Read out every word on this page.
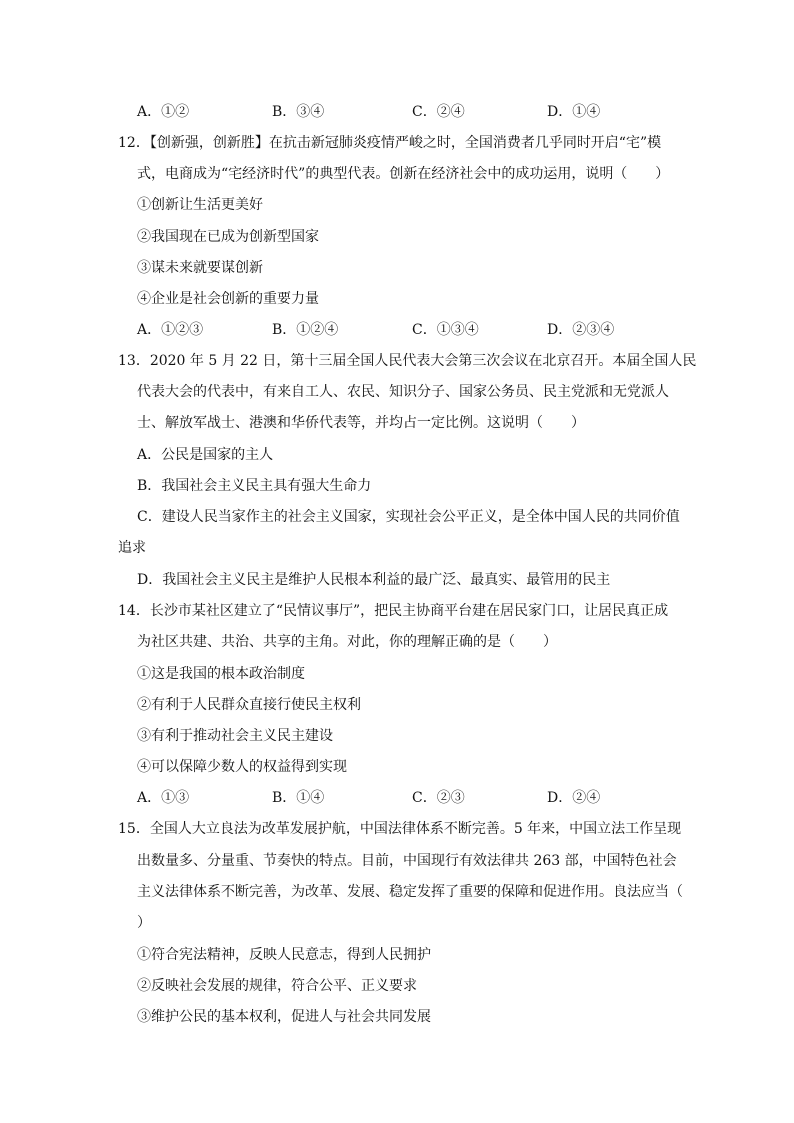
A．①②	B．③④	C．②④	D．①④
12．【创新强，创新胜】在抗击新冠肺炎疫情严峻之时，全国消费者几乎同时开启“宅”模
式，电商成为“宅经济时代”的典型代表。创新在经济社会中的成功运用，说明（　　）
①创新让生活更美好
②我国现在已成为创新型国家
③谋未来就要谋创新
④企业是社会创新的重要力量
A．①②③	B．①②④	C．①③④	D．②③④
13．2020 年 5 月 22 日，第十三届全国人民代表大会第三次会议在北京召开。本届全国人民
代表大会的代表中，有来自工人、农民、知识分子、国家公务员、民主党派和无党派人
士、解放军战士、港澳和华侨代表等，并均占一定比例。这说明（　　）
A．公民是国家的主人
B．我国社会主义民主具有强大生命力
C．建设人民当家作主的社会主义国家，实现社会公平正义，是全体中国人民的共同价值
追求
D．我国社会主义民主是维护人民根本利益的最广泛、最真实、最管用的民主
14．长沙市某社区建立了“民情议事厅”，把民主协商平台建在居民家门口，让居民真正成
为社区共建、共治、共享的主角。对此，你的理解正确的是（　　）
①这是我国的根本政治制度
②有利于人民群众直接行使民主权利
③有利于推动社会主义民主建设
④可以保障少数人的权益得到实现
A．①③	B．①④	C．②③	D．②④
15．全国人大立良法为改革发展护航，中国法律体系不断完善。5 年来，中国立法工作呈现
出数量多、分量重、节奏快的特点。目前，中国现行有效法律共 263 部，中国特色社会
主义法律体系不断完善，为改革、发展、稳定发挥了重要的保障和促进作用。良法应当（
）
①符合宪法精神，反映人民意志，得到人民拥护
②反映社会发展的规律，符合公平、正义要求
③维护公民的基本权利，促进人与社会共同发展
